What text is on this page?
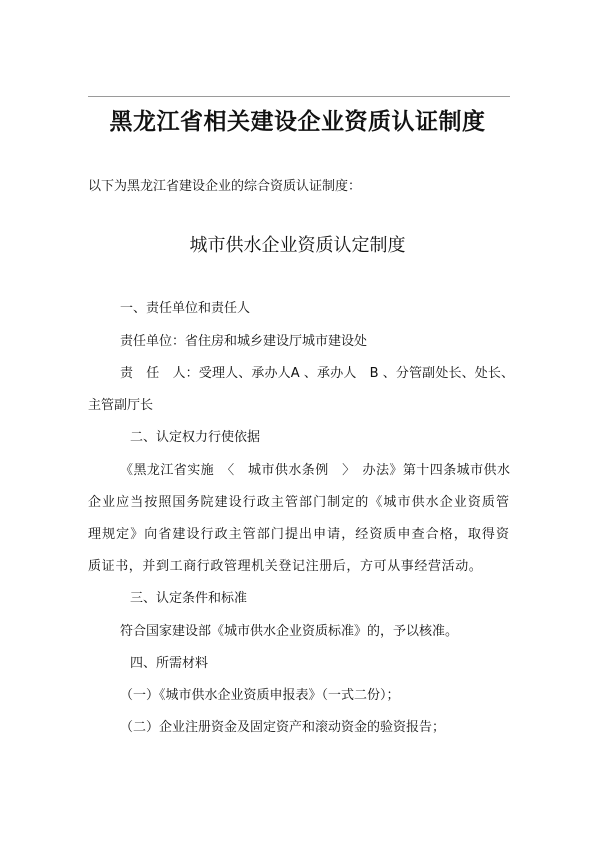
黑龙江省相关建设企业资质认证制度
以下为黑龙江省建设企业的综合资质认证制度：
城市供水企业资质认定制度
一、责任单位和责任人
责任单位：省住房和城乡建设厅城市建设处
责　任　人：受理人、承办人A 、承办人　B 、分管副处长、处长、
主管副厅长
二、认定权力行使依据
《黑龙江省实施　〈　城市供水条例　〉　办法》第十四条城市供水
企业应当按照国务院建设行政主管部门制定的《城市供水企业资质管
理规定》向省建设行政主管部门提出申请，经资质申查合格，取得资
质证书，并到工商行政管理机关登记注册后，方可从事经营活动。
三、认定条件和标准
符合国家建设部《城市供水企业资质标准》的，予以核准。
四、所需材料
（一）《城市供水企业资质申报表》（一式二份）；
（二）企业注册资金及固定资产和滚动资金的验资报告；
